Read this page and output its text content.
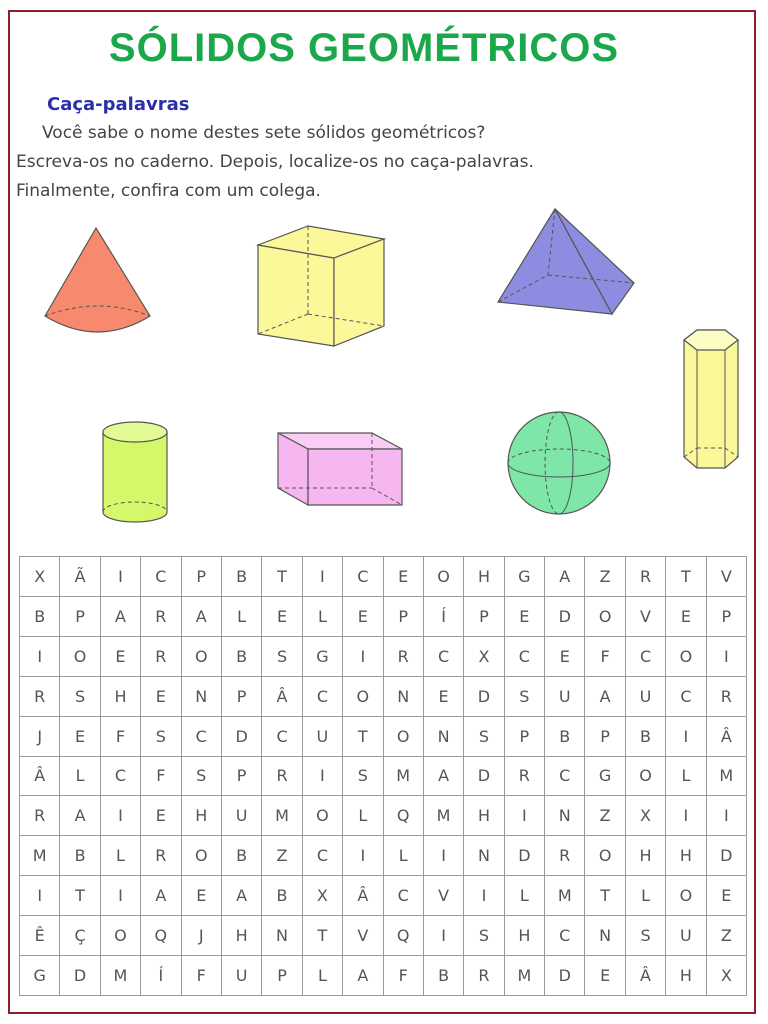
SÓLIDOS GEOMÉTRICOS
Caça-palavras
Você sabe o nome destes sete sólidos geométricos?
Escreva-os no caderno. Depois, localize-os no caça-palavras.
Finalmente, confira com um colega.
X	Ã	I	C	P	B	T	I	C	E	O	H	G	A	Z	R	T	V
B	P	A	R	A	L	E	L	E	P	Í	P	E	D	O	V	E	P
I	O	E	R	O	B	S	G	I	R	C	X	C	E	F	C	O	I
R	S	H	E	N	P	Â	C	O	N	E	D	S	U	A	U	C	R
J	E	F	S	C	D	C	U	T	O	N	S	P	B	P	B	I	Â
Â	L	C	F	S	P	R	I	S	M	A	D	R	C	G	O	L	M
R	A	I	E	H	U	M	O	L	Q	M	H	I	N	Z	X	I	I
M	B	L	R	O	B	Z	C	I	L	I	N	D	R	O	H	H	D
I	T	I	A	E	A	B	X	Â	C	V	I	L	M	T	L	O	E
Ê	Ç	O	Q	J	H	N	T	V	Q	I	S	H	C	N	S	U	Z
G	D	M	Í	F	U	P	L	A	F	B	R	M	D	E	Â	H	X
